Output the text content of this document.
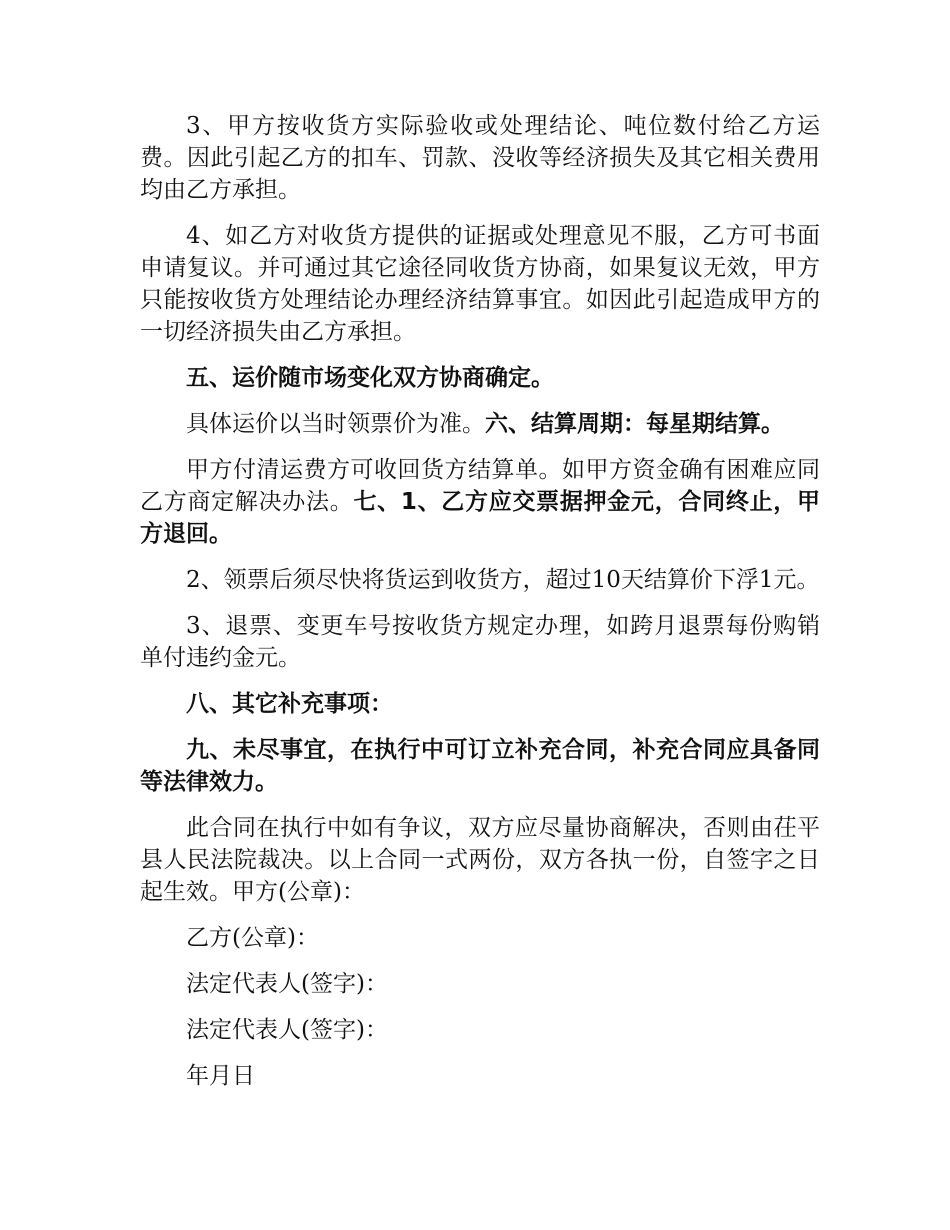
3、甲方按收货方实际验收或处理结论、吨位数付给乙方运费。因此引起乙方的扣车、罚款、没收等经济损失及其它相关费用均由乙方承担。

4、如乙方对收货方提供的证据或处理意见不服，乙方可书面申请复议。并可通过其它途径同收货方协商，如果复议无效，甲方只能按收货方处理结论办理经济结算事宜。如因此引起造成甲方的一切经济损失由乙方承担。

五、运价随市场变化双方协商确定。

具体运价以当时领票价为准。六、结算周期：每星期结算。

甲方付清运费方可收回货方结算单。如甲方资金确有困难应同乙方商定解决办法。七、1、乙方应交票据押金元，合同终止，甲方退回。

2、领票后须尽快将货运到收货方，超过10天结算价下浮1元。

3、退票、变更车号按收货方规定办理，如跨月退票每份购销单付违约金元。

八、其它补充事项：

九、未尽事宜，在执行中可订立补充合同，补充合同应具备同等法律效力。

此合同在执行中如有争议，双方应尽量协商解决，否则由茌平县人民法院裁决。以上合同一式两份，双方各执一份，自签字之日起生效。甲方(公章)：

乙方(公章)：

法定代表人(签字)：

法定代表人(签字)：

年月日
